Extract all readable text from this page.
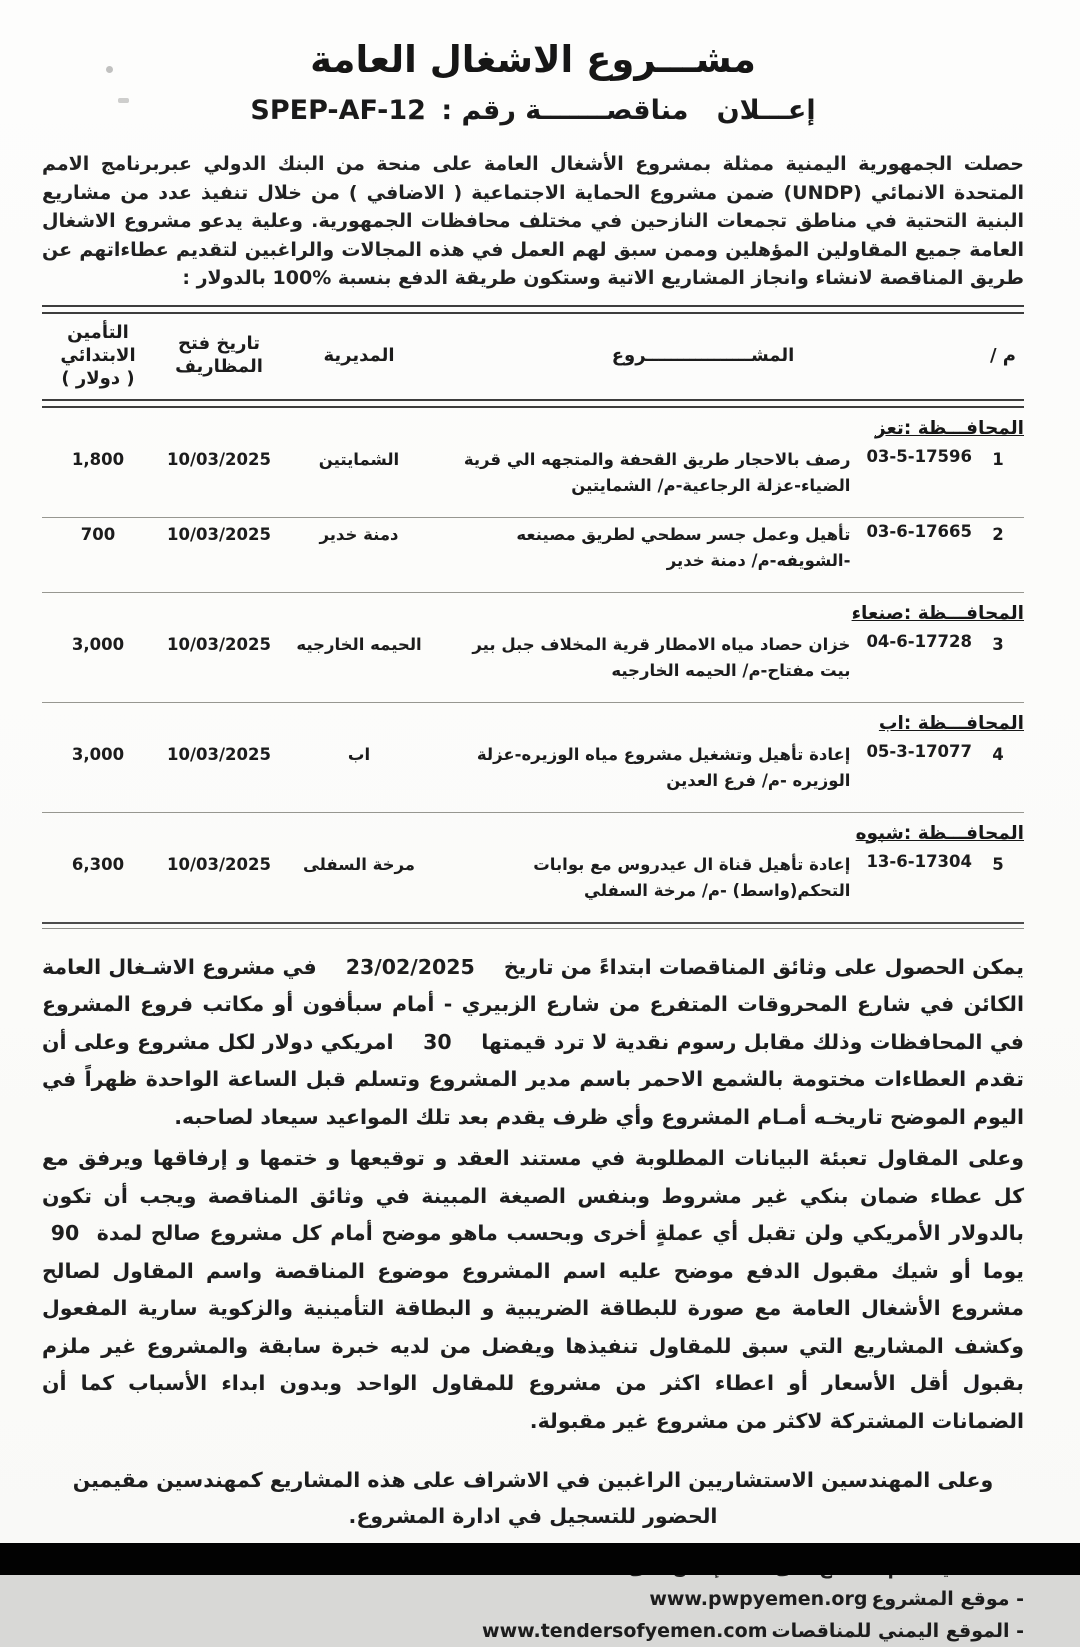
مشـــروع الاشغال العامة
إعـــلان   مناقصـــــــة رقم : SPEP-AF-12

حصلت الجمهورية اليمنية ممثلة بمشروع الأشغال العامة على منحة من البنك الدولي عبربرنامج الامم المتحدة الانمائي (UNDP) ضمن مشروع الحماية الاجتماعية ( الاضافي ) من خلال تنفيذ عدد من مشاريع البنية التحتية في مناطق تجمعات النازحين في مختلف محافظات الجمهورية. وعلية يدعو مشروع الاشغال العامة جميع المقاولين المؤهلين وممن سبق لهم العمل في هذه المجالات والراغبين لتقديم عطاءاتهم عن طريق المناقصة لانشاء وانجاز المشاريع الاتية وستكون طريقة الدفع بنسبة %100 بالدولار :

م /
المشـــــــــــــــــروع
المديرية
تاريخ فتح
المظاريف
التأمين الابتدائي
( دولار )
المحافـــظة :تعز
1
03-5-17596
رصف بالاحجار طريق القحفة والمتجهه الي قرية الضياء-عزلة الرجاعية-م/ الشمايتين
الشمايتين
10/03/2025
1,800
2
03-6-17665
تأهيل وعمل جسر سطحي لطريق مصينعه -الشويفه-م/ دمنة خدير
دمنة خدير
10/03/2025
700
المحافـــظة :صنعاء
3
04-6-17728
خزان حصاد مياه الامطار قرية المخلاف جبل بير بيت مفتاح-م/ الحيمه الخارجيه
الحيمه الخارجيه
10/03/2025
3,000
المحافـــظة :اب
4
05-3-17077
إعادة تأهيل وتشغيل مشروع مياه الوزيره-عزلة الوزيره -م/ فرع العدين
اب
10/03/2025
3,000
المحافـــظة :شبوه
5
13-6-17304
إعادة تأهيل قناة ال عيدروس مع بوابات التحكم(واسط) -م/ مرخة السفلي
مرخة السفلى
10/03/2025
6,300

يمكن الحصول على وثائق المناقصات ابتداءً من تاريخ    23/02/2025    في مشروع الاشـغال العامة الكائن في شارع المحروقات المتفرع من شارع الزبيري - أمام سبأفون أو مكاتب فروع المشروع في المحافظات وذلك مقابل رسوم نقدية لا ترد قيمتها    30    امريكي دولار لكل مشروع وعلى أن تقدم العطاءات مختومة بالشمع الاحمر باسم مدير المشروع وتسلم قبل الساعة الواحدة ظهراً في اليوم الموضح تاريخـه أمـام المشروع وأي ظرف يقدم بعد تلك المواعيد سيعاد لصاحبه.

وعلى المقاول تعبئة البيانات المطلوبة في مستند العقد و توقيعها و ختمها و إرفاقها ويرفق مع كل عطاء ضمان بنكي غير مشروط وبنفس الصيغة المبينة في وثائق المناقصة ويجب أن تكون بالدولار الأمريكي ولن تقبل أي عملةٍ أخرى وبحسب ماهو موضح أمام كل مشروع صالح لمدة  90  يوما أو شيك مقبول الدفع موضح عليه اسم المشروع موضوع المناقصة واسم المقاول لصالح مشروع الأشغال العامة مع صورة للبطاقة الضريبية و البطاقة التأمينية والزكوية سارية المفعول وكشف المشاريع التي سبق للمقاول تنفيذها ويفضل من لديه خبرة سابقة والمشروع غير ملزم بقبول أقل الأسعار أو اعطاء اكثر من مشروع للمقاول الواحد وبدون ابداء الأسباب كما أن الضمانات المشتركة لاكثر من مشروع غير مقبولة.

وعلى المهندسين الاستشاريين الراغبين في الاشراف على هذه المشاريع كمهندسين مقيمين الحضور للتسجيل في ادارة المشروع.

- موقع المشروعwww.pwpyemen.org
- الموقع اليمني للمناقصاتwww.tendersofyemen.com
